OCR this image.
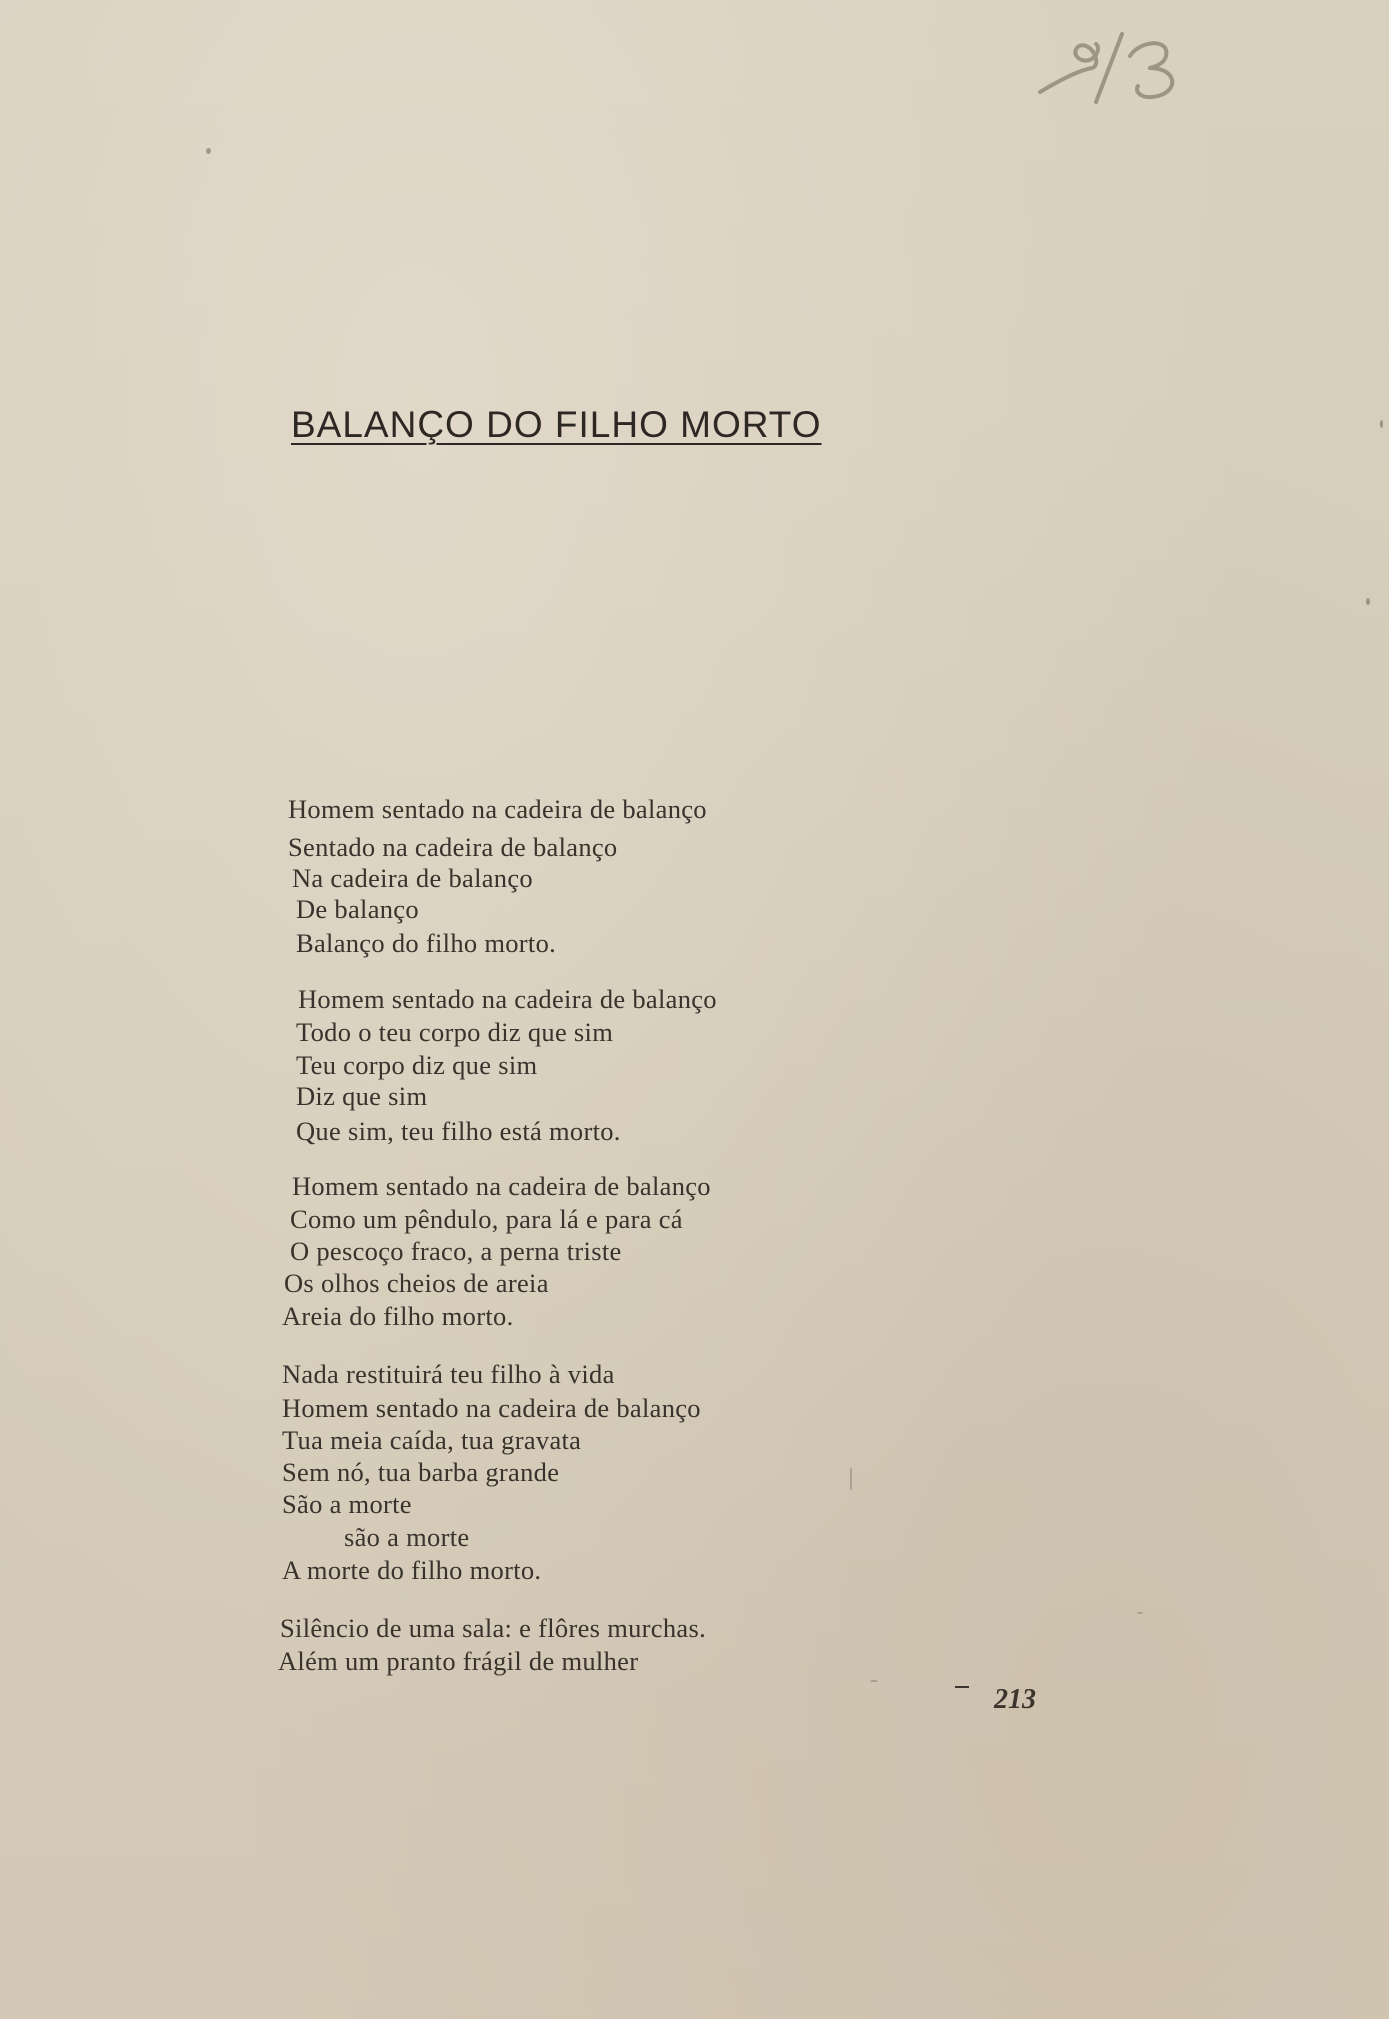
BALANÇO DO FILHO MORTO
Homem sentado na cadeira de balanço
Sentado na cadeira de balanço
Na cadeira de balanço
De balanço
Balanço do filho morto.
Homem sentado na cadeira de balanço
Todo o teu corpo diz que sim
Teu corpo diz que sim
Diz que sim
Que sim, teu filho está morto.
Homem sentado na cadeira de balanço
Como um pêndulo, para lá e para cá
O pescoço fraco, a perna triste
Os olhos cheios de areia
Areia do filho morto.
Nada restituirá teu filho à vida
Homem sentado na cadeira de balanço
Tua meia caída, tua gravata
Sem nó, tua barba grande
São a morte
são a morte
A morte do filho morto.
Silêncio de uma sala: e flôres murchas.
Além um pranto frágil de mulher
213
